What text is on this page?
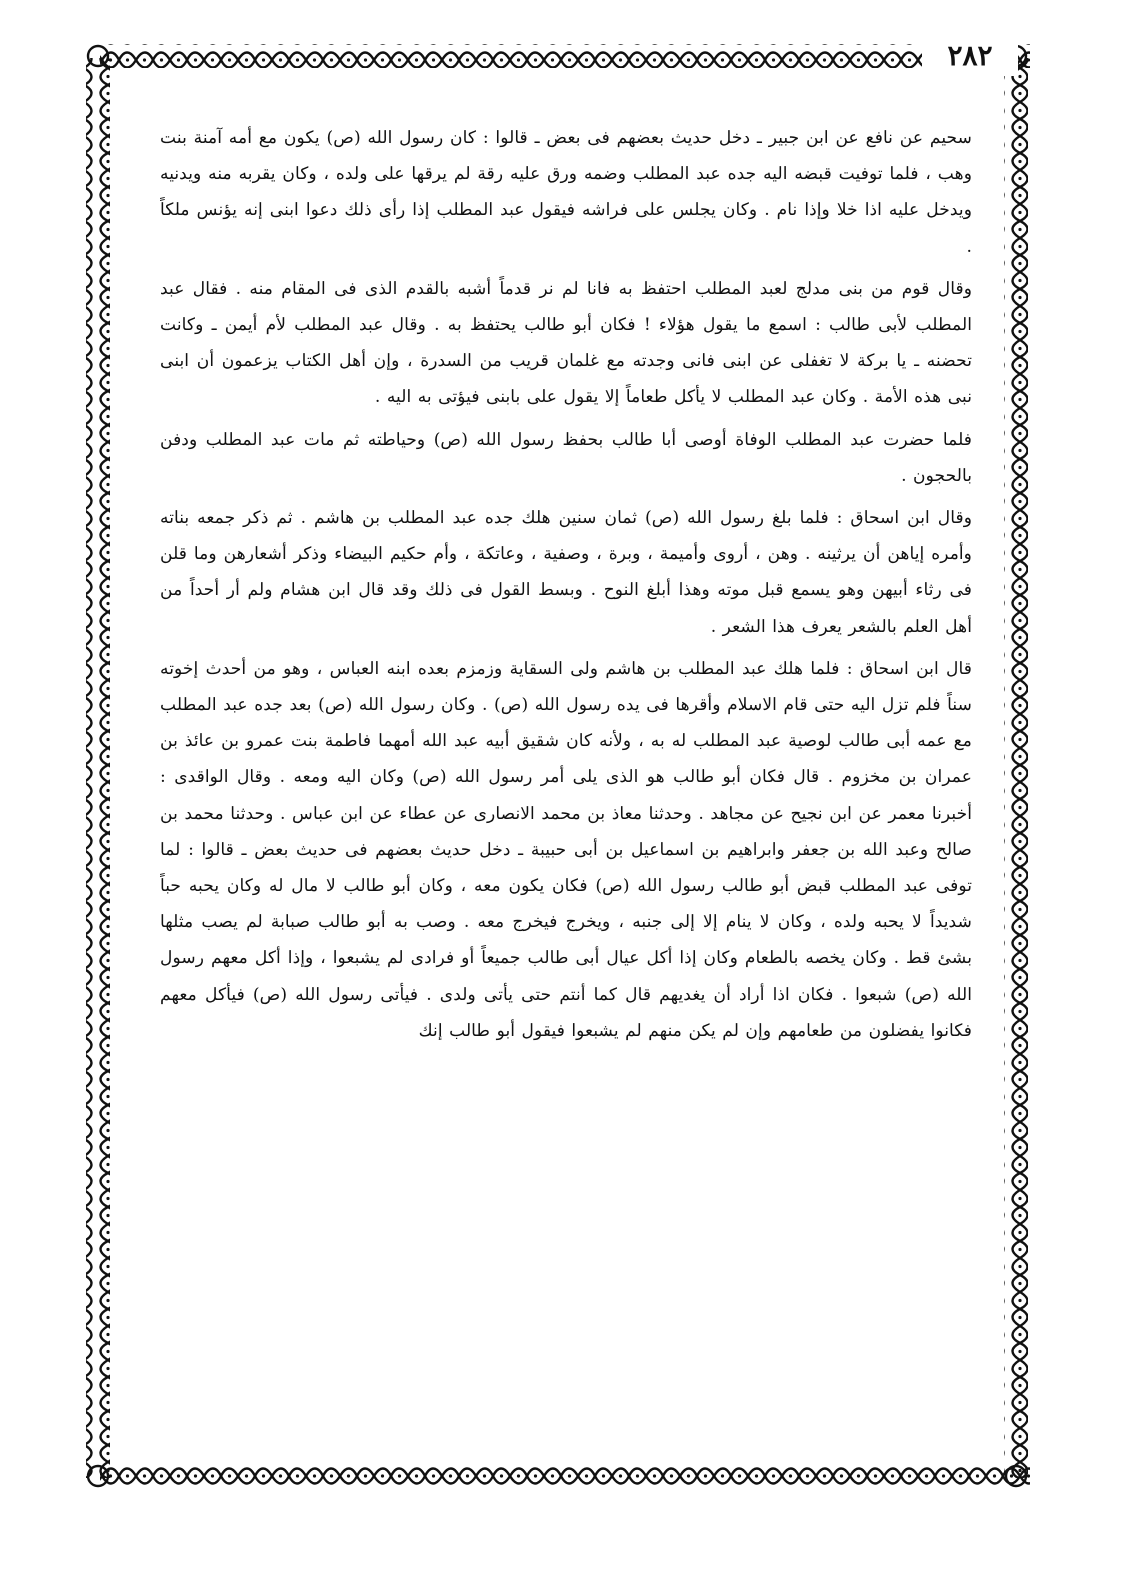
٢٨٢

سحيم عن نافع عن ابن جبير ـ دخل حديث بعضهم فى بعض ـ قالوا : كان رسول الله (ص) يكون مع أمه آمنة بنت وهب ، فلما توفيت قبضه اليه جده عبد المطلب وضمه ورق عليه رقة لم يرقها على ولده ، وكان يقربه منه ويدنيه ويدخل عليه اذا خلا وإذا نام . وكان يجلس على فراشه فيقول عبد المطلب إذا رأى ذلك دعوا ابنى إنه يؤنس ملكاً .

وقال قوم من بنى مدلج لعبد المطلب احتفظ به فانا لم نر قدماً أشبه بالقدم الذى فى المقام منه . فقال عبد المطلب لأبى طالب : اسمع ما يقول هؤلاء ! فكان أبو طالب يحتفظ به . وقال عبد المطلب لأم أيمن ـ وكانت تحضنه ـ يا بركة لا تغفلى عن ابنى فانى وجدته مع غلمان قريب من السدرة ، وإن أهل الكتاب يزعمون أن ابنى نبى هذه الأمة . وكان عبد المطلب لا يأكل طعاماً إلا يقول على بابنى فيؤتى به اليه .

فلما حضرت عبد المطلب الوفاة أوصى أبا طالب بحفظ رسول الله (ص) وحياطته ثم مات عبد المطلب ودفن بالحجون .

وقال ابن اسحاق : فلما بلغ رسول الله (ص) ثمان سنين هلك جده عبد المطلب بن هاشم . ثم ذكر جمعه بناته وأمره إياهن أن يرثينه . وهن ، أروى وأميمة ، وبرة ، وصفية ، وعاتكة ، وأم حكيم البيضاء وذكر أشعارهن وما قلن فى رثاء أبيهن وهو يسمع قبل موته وهذا أبلغ النوح . وبسط القول فى ذلك وقد قال ابن هشام ولم أر أحداً من أهل العلم بالشعر يعرف هذا الشعر .

قال ابن اسحاق : فلما هلك عبد المطلب بن هاشم ولى السقاية وزمزم بعده ابنه العباس ، وهو من أحدث إخوته سناً فلم تزل اليه حتى قام الاسلام وأقرها فى يده رسول الله (ص) . وكان رسول الله (ص) بعد جده عبد المطلب مع عمه أبى طالب لوصية عبد المطلب له به ، ولأنه كان شقيق أبيه عبد الله أمهما فاطمة بنت عمرو بن عائذ بن عمران بن مخزوم . قال فكان أبو طالب هو الذى يلى أمر رسول الله (ص) وكان اليه ومعه . وقال الواقدى : أخبرنا معمر عن ابن نجيح عن مجاهد . وحدثنا معاذ بن محمد الانصارى عن عطاء عن ابن عباس . وحدثنا محمد بن صالح وعبد الله بن جعفر وابراهيم بن اسماعيل بن أبى حبيبة ـ دخل حديث بعضهم فى حديث بعض ـ قالوا : لما توفى عبد المطلب قبض أبو طالب رسول الله (ص) فكان يكون معه ، وكان أبو طالب لا مال له وكان يحبه حباً شديداً لا يحبه ولده ، وكان لا ينام إلا إلى جنبه ، ويخرج فيخرج معه . وصب به أبو طالب صبابة لم يصب مثلها بشئ قط . وكان يخصه بالطعام وكان إذا أكل عيال أبى طالب جميعاً أو فرادى لم يشبعوا ، وإذا أكل معهم رسول الله (ص) شبعوا . فكان اذا أراد أن يغديهم قال كما أنتم حتى يأتى ولدى . فيأتى رسول الله (ص) فيأكل معهم فكانوا يفضلون من طعامهم وإن لم يكن منهم لم يشبعوا فيقول أبو طالب إنك
